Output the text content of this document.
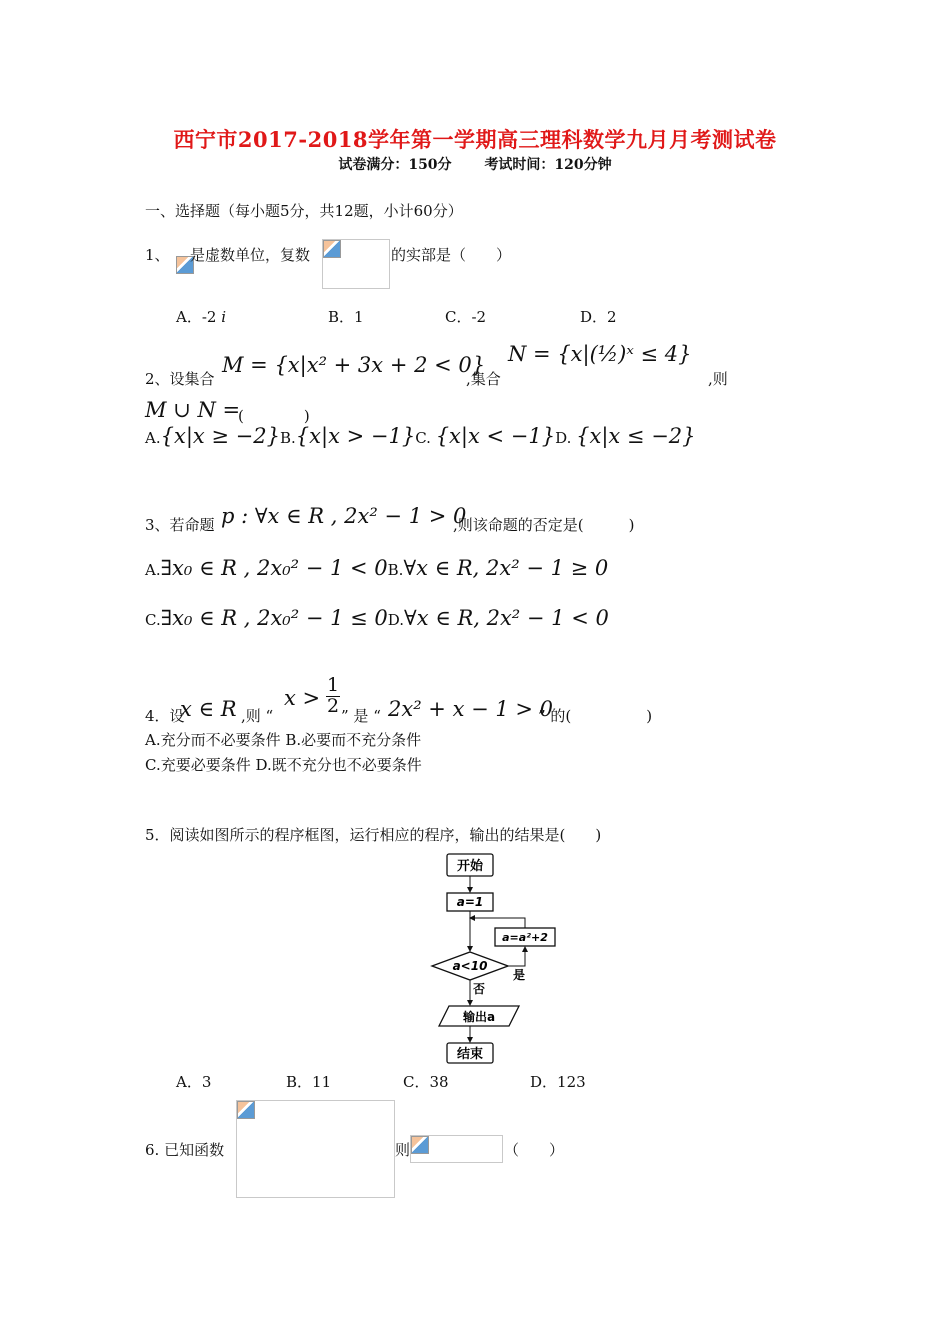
西宁市2017-2018学年第一学期高三理科数学九月月考测试卷
试卷满分：150分 考试时间：120分钟
一、选择题（每小题5分，共12题，小计60分）
1、 是虚数单位，复数	的实部是（　　）
A．-2 i	B．1	C．-2	D．2
2、设集合
M = {x|x² + 3x + 2 < 0}
,集合
N = {x|(½)ˣ ≤ 4}
,则
M ∪ N =
(　　　　)
A.{x|x ≥ −2}B.{x|x > −1}C. {x|x < −1}D. {x|x ≤ −2}
3、若命题 p : ∀x ∈ R , 2x² − 1 > 0
,则该命题的否定是(　　　)
A.∃x₀ ∈ R , 2x₀² − 1 < 0B.∀x ∈ R, 2x² − 1 ≥ 0
C.∃x₀ ∈ R , 2x₀² − 1 ≤ 0D.∀x ∈ R, 2x² − 1 < 0
4．设
x ∈ R ,则 “
$x > \frac{1}{2}$ ” 是 “ 2x² + x − 1 > 0
” 的(　　　　　)
A.充分而不必要条件 B.必要而不充分条件
C.充要必要条件 D.既不充分也不必要条件
5．阅读如图所示的程序框图，运行相应的程序，输出的结果是(　　)
开始
a=1
a=a²+2
a<10
是
否
输出a
结束
A．3	B．11	C．38	D．123
6. 已知函数	则	（　　）
